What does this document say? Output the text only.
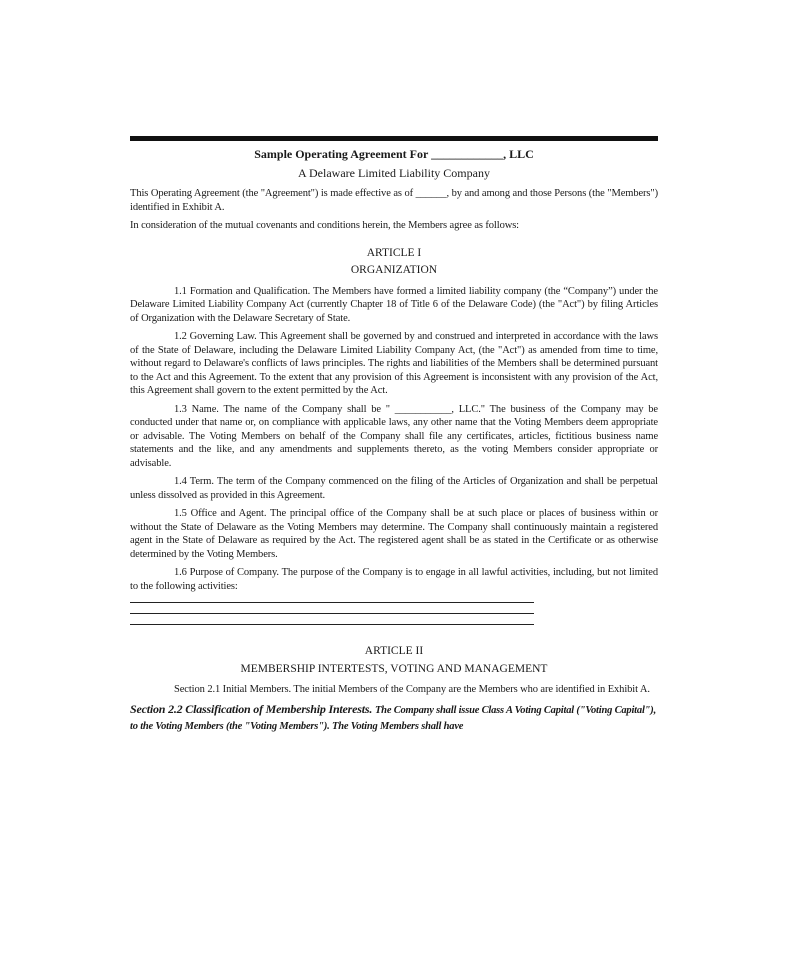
Sample Operating Agreement For ____________, LLC
A Delaware Limited Liability Company

This Operating Agreement (the "Agreement") is made effective as of ______, by and among and those Persons (the "Members") identified in Exhibit A.

In consideration of the mutual covenants and conditions herein, the Members agree as follows:

ARTICLE I
ORGANIZATION

1.1 Formation and Qualification. The Members have formed a limited liability company (the “Company”) under the Delaware Limited Liability Company Act (currently Chapter 18 of Title 6 of the Delaware Code) (the "Act") by filing Articles of Organization with the Delaware Secretary of State.

1.2 Governing Law. This Agreement shall be governed by and construed and interpreted in accordance with the laws of the State of Delaware, including the Delaware Limited Liability Company Act, (the "Act") as amended from time to time, without regard to Delaware's conflicts of laws principles. The rights and liabilities of the Members shall be determined pursuant to the Act and this Agreement. To the extent that any provision of this Agreement is inconsistent with any provision of the Act, this Agreement shall govern to the extent permitted by the Act.

1.3 Name. The name of the Company shall be " ___________, LLC." The business of the Company may be conducted under that name or, on compliance with applicable laws, any other name that the Voting Members deem appropriate or advisable. The Voting Members on behalf of the Company shall file any certificates, articles, fictitious business name statements and the like, and any amendments and supplements thereto, as the voting Members consider appropriate or advisable.

1.4 Term. The term of the Company commenced on the filing of the Articles of Organization and shall be perpetual unless dissolved as provided in this Agreement.

1.5 Office and Agent. The principal office of the Company shall be at such place or places of business within or without the State of Delaware as the Voting Members may determine. The Company shall continuously maintain a registered agent in the State of Delaware as required by the Act. The registered agent shall be as stated in the Certificate or as otherwise determined by the Voting Members.

1.6 Purpose of Company. The purpose of the Company is to engage in all lawful activities, including, but not limited to the following activities:

ARTICLE II
MEMBERSHIP INTERTESTS, VOTING AND MANAGEMENT

Section 2.1 Initial Members. The initial Members of the Company are the Members who are identified in Exhibit A.

Section 2.2 Classification of Membership Interests. The Company shall issue Class A Voting Capital ("Voting Capital"), to the Voting Members (the "Voting Members"). The Voting Members shall have
